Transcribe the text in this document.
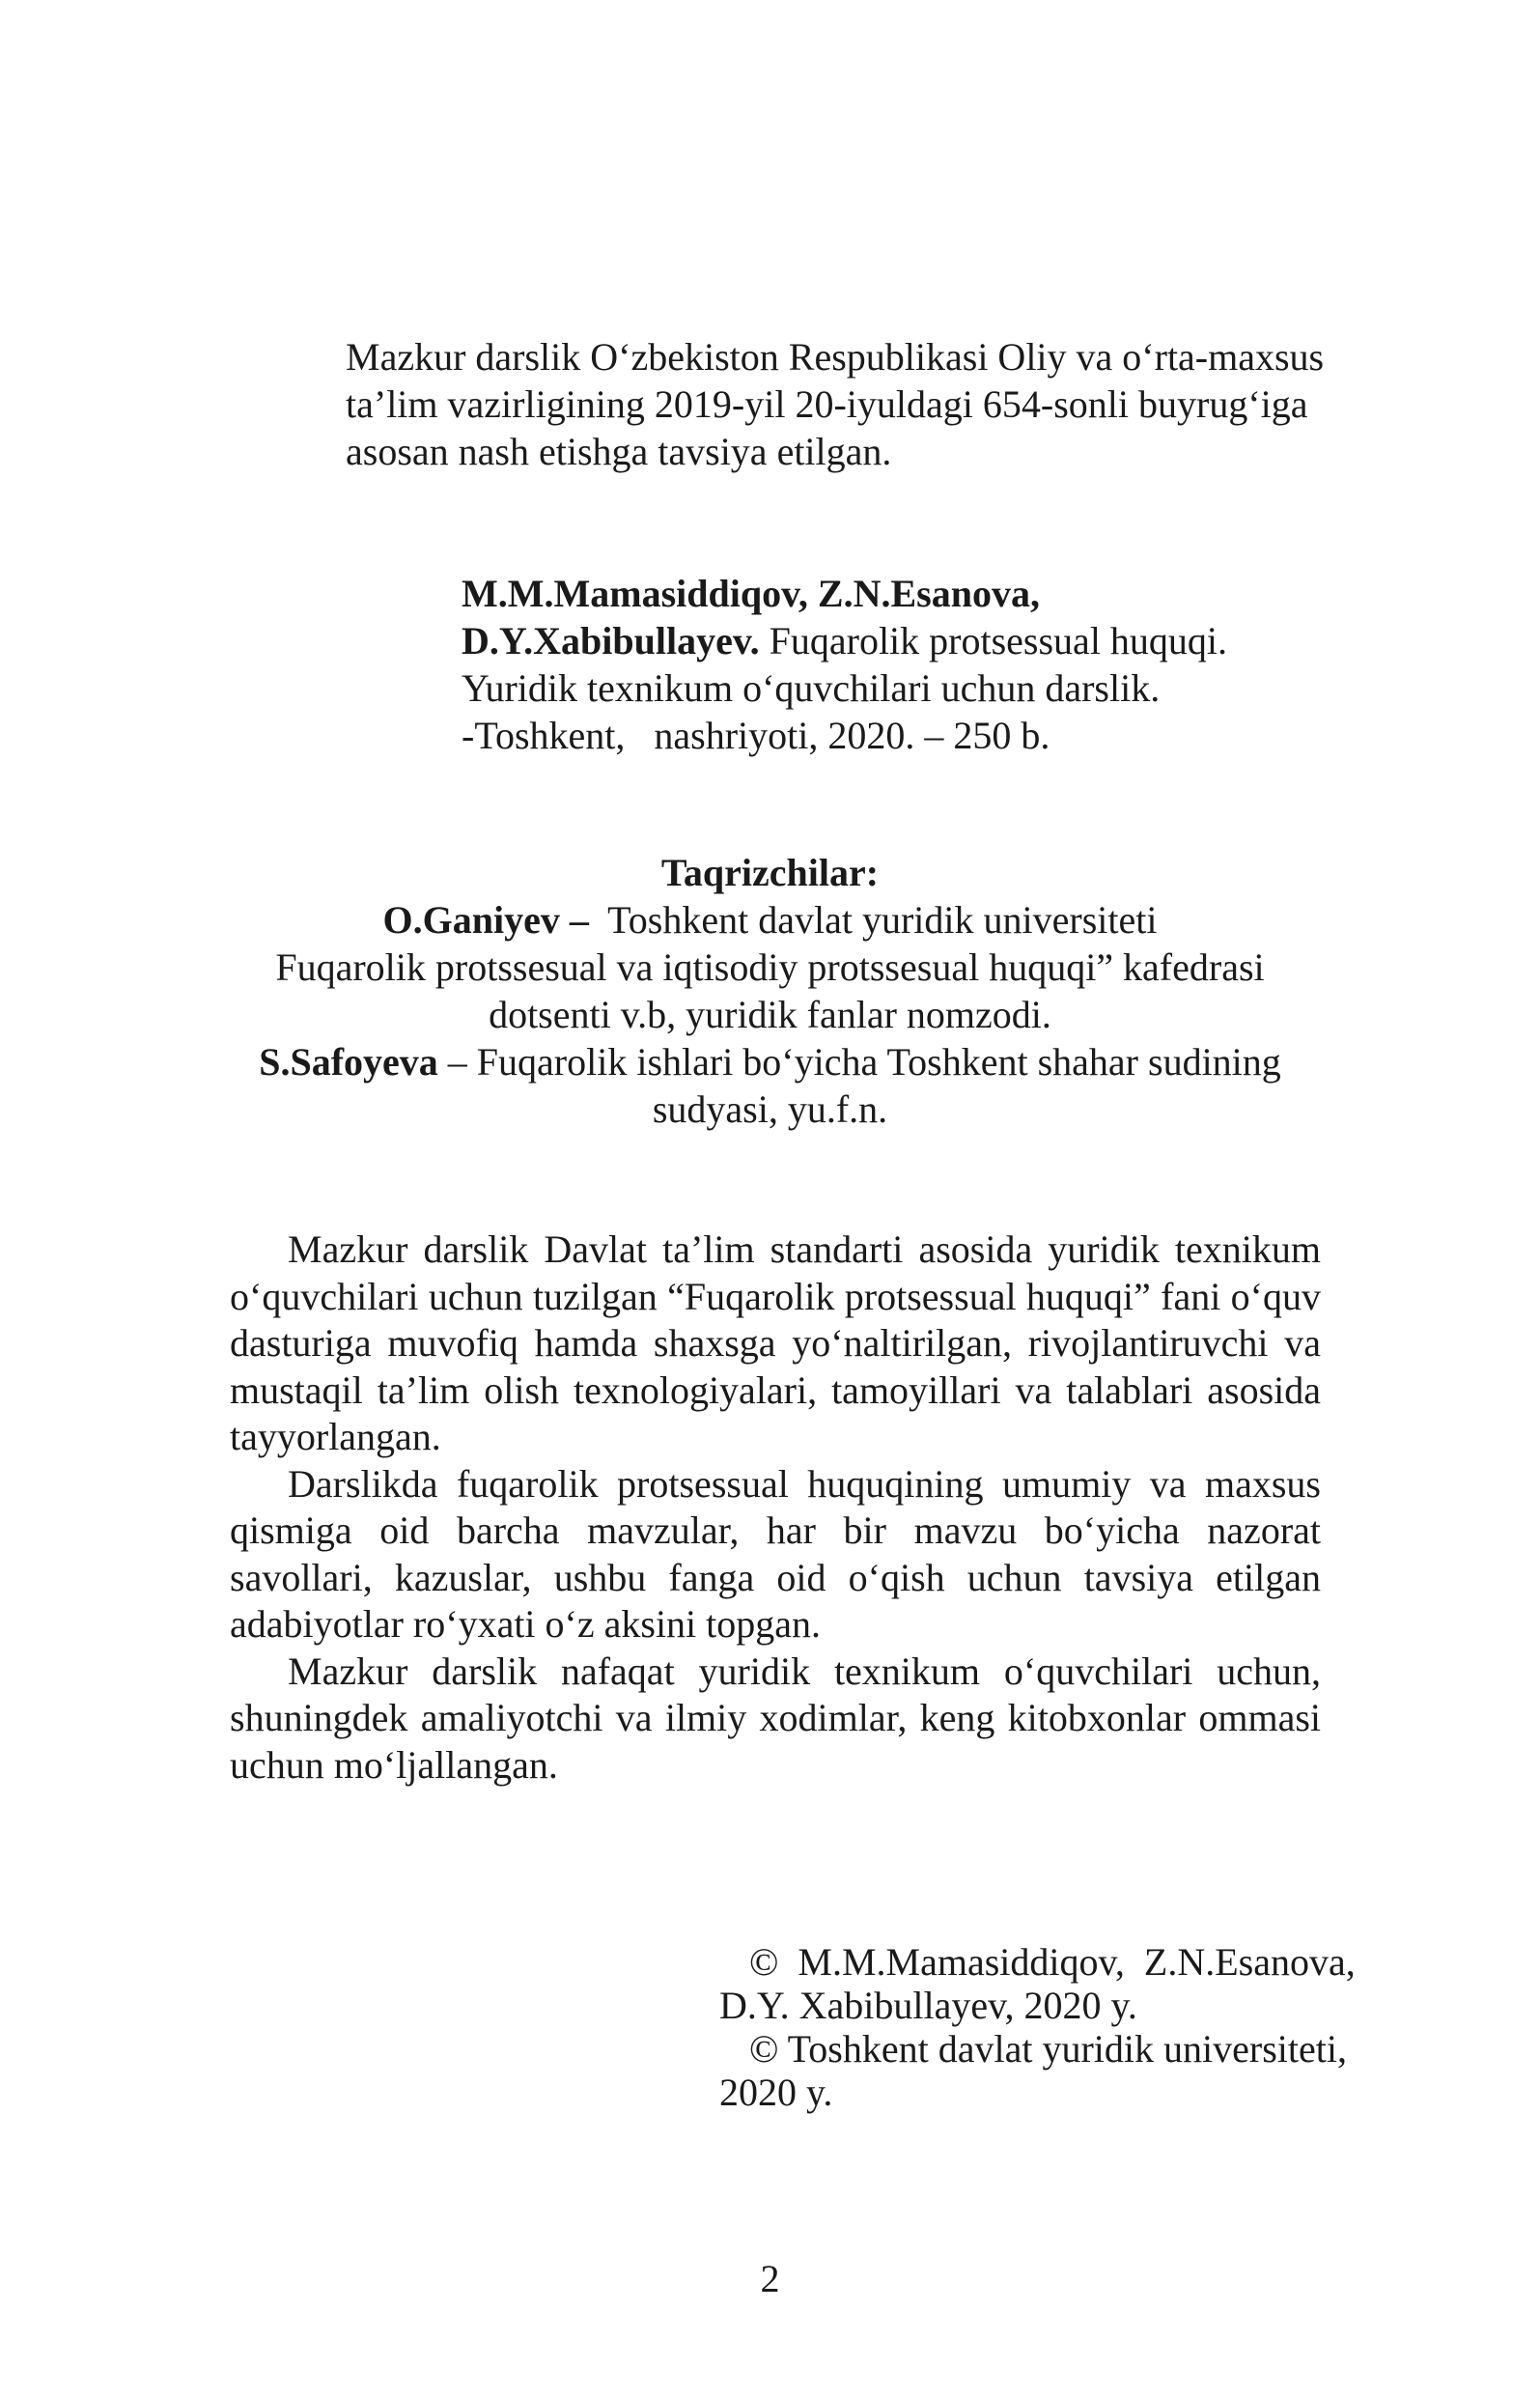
Mazkur darslik O‘zbekiston Respublikasi Oliy va o‘rta-maxsus
ta’lim vazirligining 2019-yil 20-iyuldagi 654-sonli buyrug‘iga
asosan nash etishga tavsiya etilgan.
M.M.Mamasiddiqov, Z.N.Esanova,
D.Y.Xabibullayev. Fuqarolik protsessual huquqi.
Yuridik texnikum o‘quvchilari uchun darslik.
-Toshkent,   nashriyoti, 2020. – 250 b.
Taqrizchilar:
O.Ganiyev –  Toshkent davlat yuridik universiteti
Fuqarolik protssesual va iqtisodiy protssesual huquqi” kafedrasi
dotsenti v.b, yuridik fanlar nomzodi.
S.Safoyeva – Fuqarolik ishlari bo‘yicha Toshkent shahar sudining
sudyasi, yu.f.n.

Mazkur darslik Davlat ta’lim standarti asosida yuridik texnikum o‘quvchilari uchun tuzilgan “Fuqarolik protsessual huquqi” fani o‘quv dasturiga muvofiq hamda shaxsga yo‘naltirilgan, rivojlantiruvchi va mustaqil ta’lim olish texnologiyalari, tamoyillari va talablari asosida tayyorlangan.

Darslikda fuqarolik protsessual huquqining umumiy va maxsus qismiga oid barcha mavzular, har bir mavzu bo‘yicha nazorat savollari, kazuslar, ushbu fanga oid o‘qish uchun tavsiya etilgan adabiyotlar ro‘yxati o‘z aksini topgan.

Mazkur darslik nafaqat yuridik texnikum o‘quvchilari uchun, shuningdek amaliyotchi va ilmiy xodimlar, keng kitobxonlar ommasi uchun mo‘ljallangan.

©  M.M.Mamasiddiqov,  Z.N.Esanova,
D.Y. Xabibullayev, 2020 y.
© Toshkent davlat yuridik universiteti,
2020 y.
2
